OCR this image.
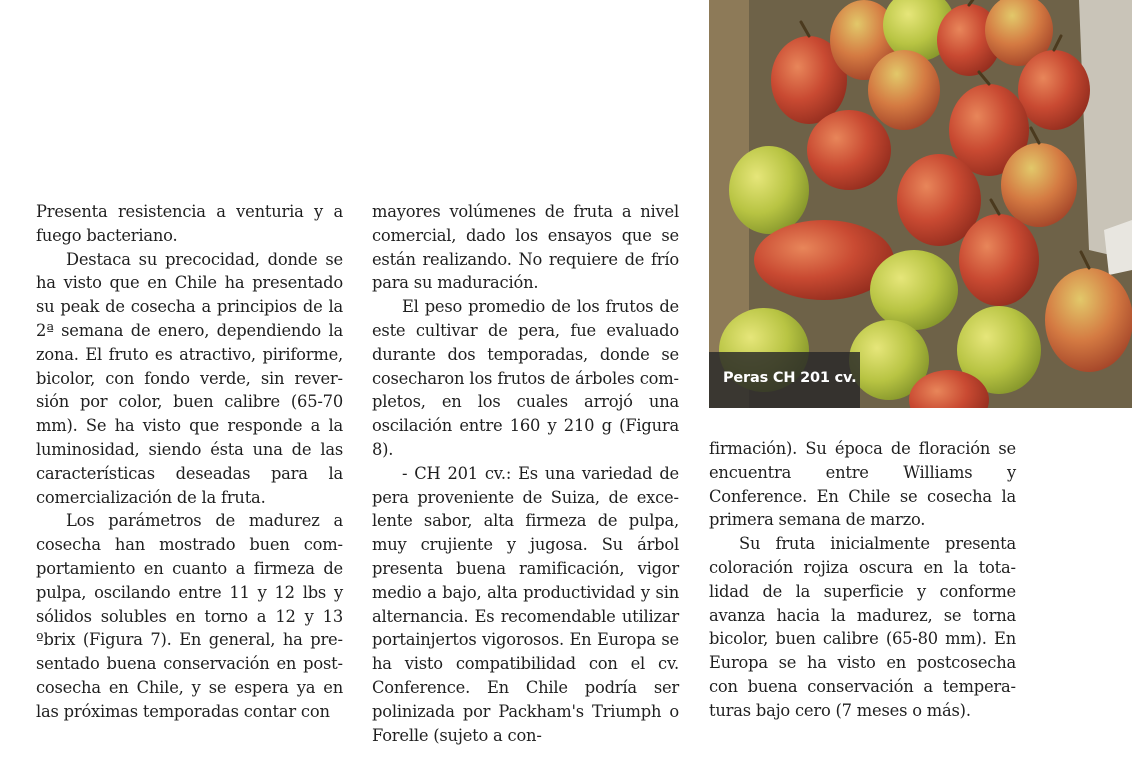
Peras CH 201 cv.

Presenta resistencia a venturia y a fuego bacteriano.

Destaca su precocidad, donde se ha visto que en Chile ha presentado su peak de cosecha a principios de la 2ª semana de enero, dependiendo la zona. El fruto es atractivo, piriforme, bicolor, con fondo verde, sin reversión por color, buen calibre (65-70 mm). Se ha visto que responde a la luminosidad, siendo ésta una de las características deseadas para la comercialización de la fruta.

Los parámetros de madurez a cosecha han mostrado buen comportamiento en cuanto a firmeza de pulpa, oscilando entre 11 y 12 lbs y sólidos solubles en torno a 12 y 13 ºbrix (Figura 7). En general, ha presentado buena conservación en postcosecha en Chile, y se espera ya en las próximas temporadas contar con

mayores volúmenes de fruta a nivel comercial, dado los ensayos que se están realizando. No requiere de frío para su maduración.

El peso promedio de los frutos de este cultivar de pera, fue evaluado durante dos temporadas, donde se cosecharon los frutos de árboles completos, en los cuales arrojó una oscilación entre 160 y 210 g (Figura 8).

- CH 201 cv.: Es una variedad de pera proveniente de Suiza, de excelente sabor, alta firmeza de pulpa, muy crujiente y jugosa. Su árbol presenta buena ramificación, vigor medio a bajo, alta productividad y sin alternancia. Es recomendable utilizar portainjertos vigorosos. En Europa se ha visto compatibilidad con el cv. Conference. En Chile podría ser polinizada por Packham's Triumph o Forelle (sujeto a con-

firmación). Su época de floración se encuentra entre Williams y Conference. En Chile se cosecha la primera semana de marzo.

Su fruta inicialmente presenta coloración rojiza oscura en la totalidad de la superficie y conforme avanza hacia la madurez, se torna bicolor, buen calibre (65-80 mm). En Europa se ha visto en postcosecha con buena conservación a temperaturas bajo cero (7 meses o más).
